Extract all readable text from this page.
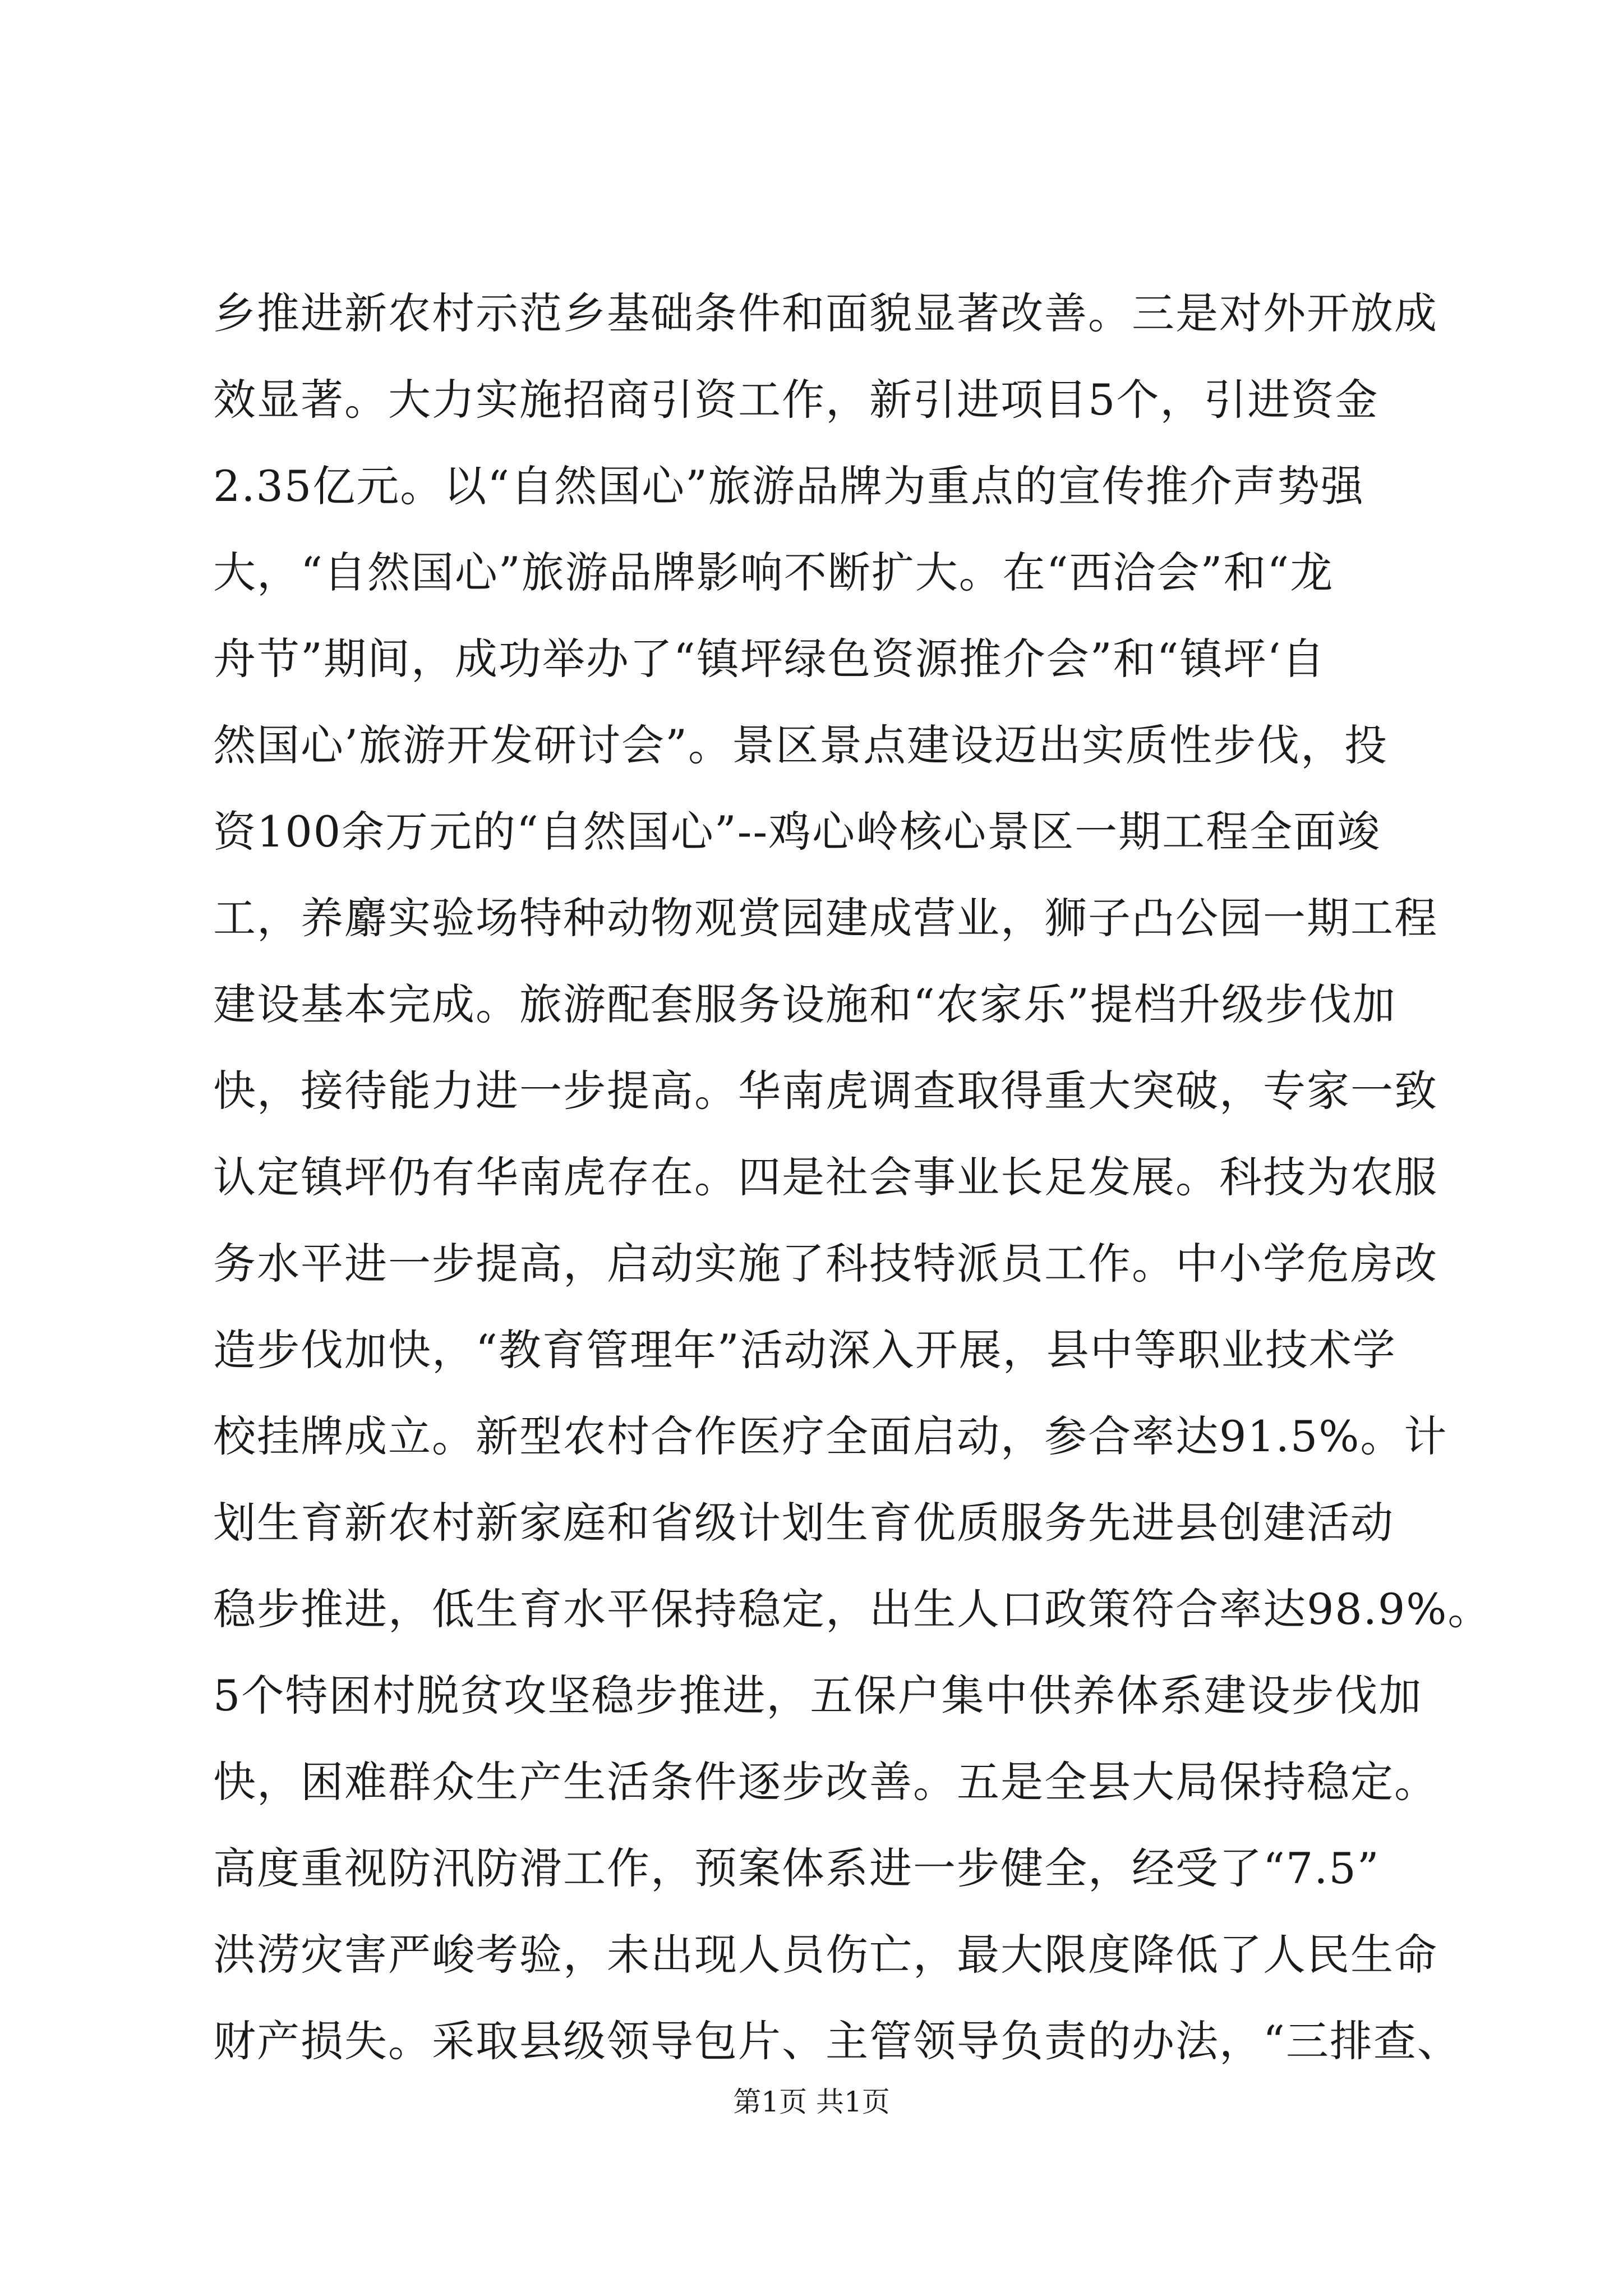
乡推进新农村示范乡基础条件和面貌显著改善。三是对外开放成
效显著。大力实施招商引资工作，新引进项目5个，引进资金
2.35亿元。以“自然国心”旅游品牌为重点的宣传推介声势强
大，“自然国心”旅游品牌影响不断扩大。在“西洽会”和“龙
舟节”期间，成功举办了“镇坪绿色资源推介会”和“镇坪‘自
然国心’旅游开发研讨会”。景区景点建设迈出实质性步伐，投
资100余万元的“自然国心”--鸡心岭核心景区一期工程全面竣
工，养麝实验场特种动物观赏园建成营业，狮子凸公园一期工程
建设基本完成。旅游配套服务设施和“农家乐”提档升级步伐加
快，接待能力进一步提高。华南虎调查取得重大突破，专家一致
认定镇坪仍有华南虎存在。四是社会事业长足发展。科技为农服
务水平进一步提高，启动实施了科技特派员工作。中小学危房改
造步伐加快，“教育管理年”活动深入开展，县中等职业技术学
校挂牌成立。新型农村合作医疗全面启动，参合率达91.5%。计
划生育新农村新家庭和省级计划生育优质服务先进县创建活动
稳步推进，低生育水平保持稳定，出生人口政策符合率达98.9%。
5个特困村脱贫攻坚稳步推进，五保户集中供养体系建设步伐加
快，困难群众生产生活条件逐步改善。五是全县大局保持稳定。
高度重视防汛防滑工作，预案体系进一步健全，经受了“7.5”
洪涝灾害严峻考验，未出现人员伤亡，最大限度降低了人民生命
财产损失。采取县级领导包片、主管领导负责的办法，“三排查、
第1页 共1页
